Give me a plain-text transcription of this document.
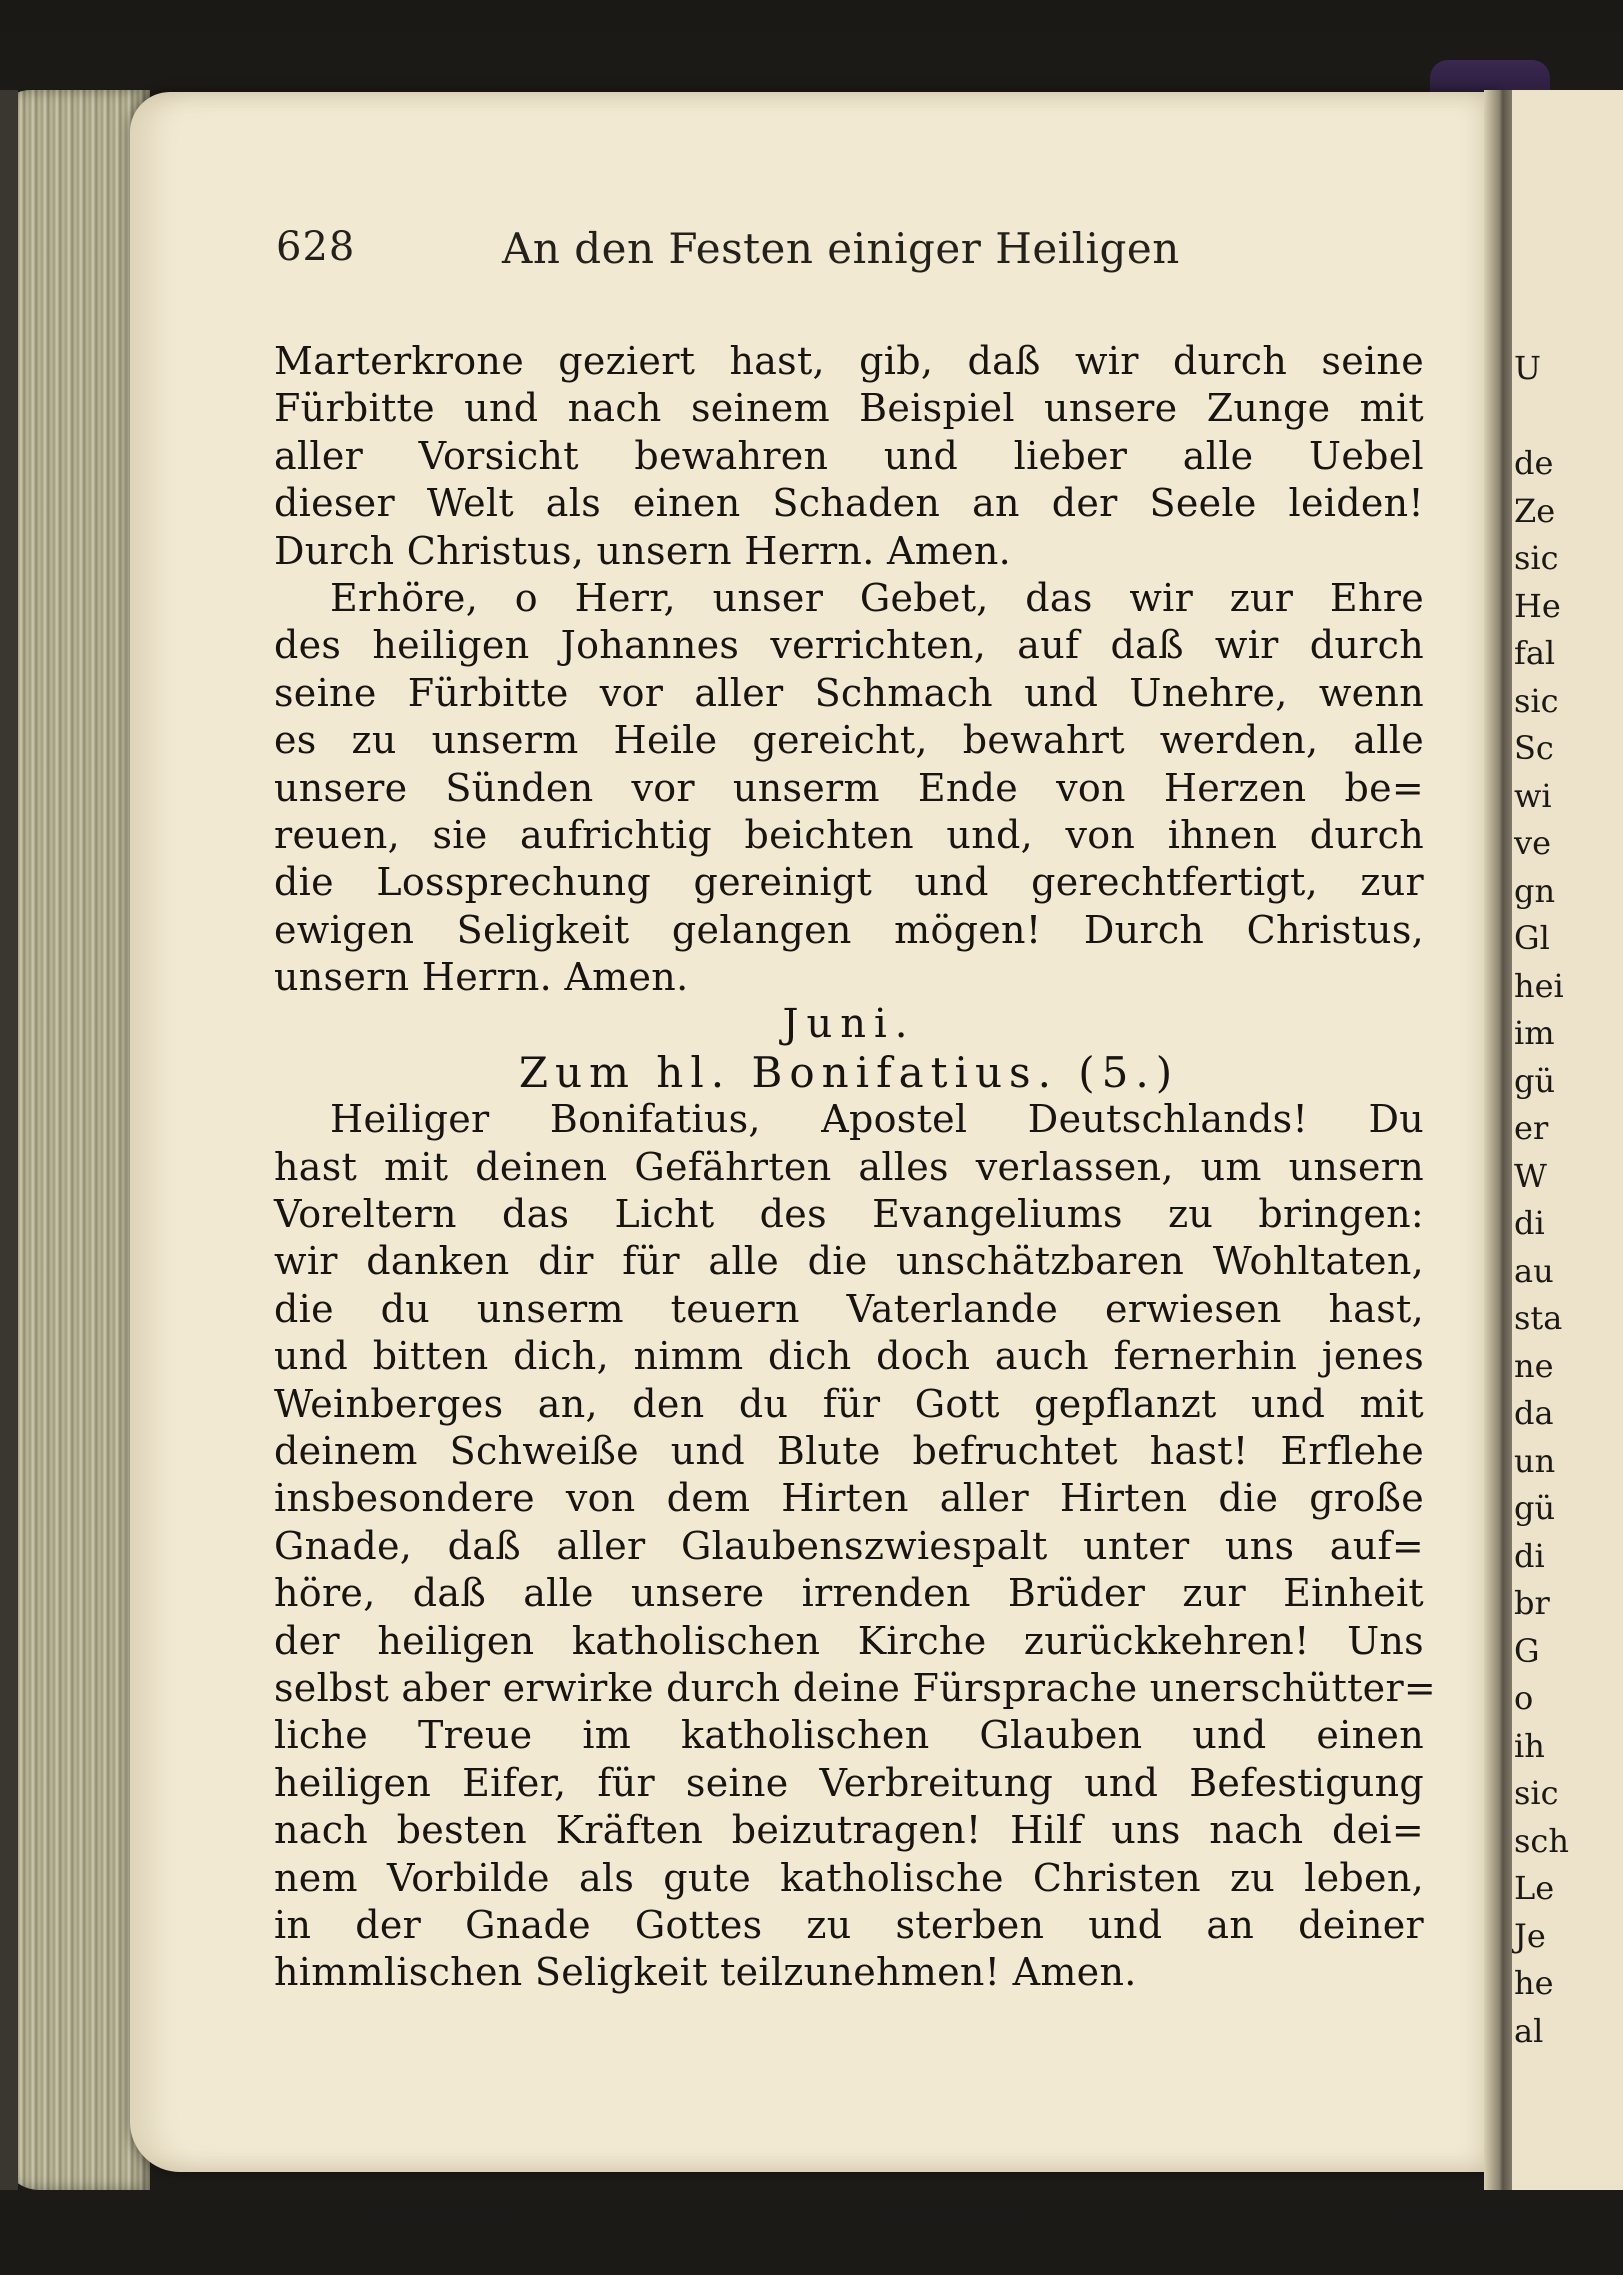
U

de
Ze
sic
He
fal
sic
Sc
wi
ve
gn
Gl
hei
im
gü
er
W
di
au
sta
ne
da
un
gü
di
br
G
o
ih
sic
sch
Le
Je
he
al
628	An den Festen einiger Heiligen
Marterkrone geziert hast, gib, daß wir durch seine
Fürbitte und nach seinem Beispiel unsere Zunge mit
aller Vorsicht bewahren und lieber alle Uebel
dieser Welt als einen Schaden an der Seele leiden!
Durch Christus, unsern Herrn. Amen.
Erhöre, o Herr, unser Gebet, das wir zur Ehre
des heiligen Johannes verrichten, auf daß wir durch
seine Fürbitte vor aller Schmach und Unehre, wenn
es zu unserm Heile gereicht, bewahrt werden, alle
unsere Sünden vor unserm Ende von Herzen be=
reuen, sie aufrichtig beichten und, von ihnen durch
die Lossprechung gereinigt und gerechtfertigt, zur
ewigen Seligkeit gelangen mögen! Durch Christus,
unsern Herrn. Amen.
Juni.
Zum hl. Bonifatius. (5.)
Heiliger Bonifatius, Apostel Deutschlands! Du
hast mit deinen Gefährten alles verlassen, um unsern
Voreltern das Licht des Evangeliums zu bringen:
wir danken dir für alle die unschätzbaren Wohltaten,
die du unserm teuern Vaterlande erwiesen hast,
und bitten dich, nimm dich doch auch fernerhin jenes
Weinberges an, den du für Gott gepflanzt und mit
deinem Schweiße und Blute befruchtet hast! Erflehe
insbesondere von dem Hirten aller Hirten die große
Gnade, daß aller Glaubenszwiespalt unter uns auf=
höre, daß alle unsere irrenden Brüder zur Einheit
der heiligen katholischen Kirche zurückkehren! Uns
selbst aber erwirke durch deine Fürsprache unerschütter=
liche Treue im katholischen Glauben und einen
heiligen Eifer, für seine Verbreitung und Befestigung
nach besten Kräften beizutragen! Hilf uns nach dei=
nem Vorbilde als gute katholische Christen zu leben,
in der Gnade Gottes zu sterben und an deiner
himmlischen Seligkeit teilzunehmen! Amen.
